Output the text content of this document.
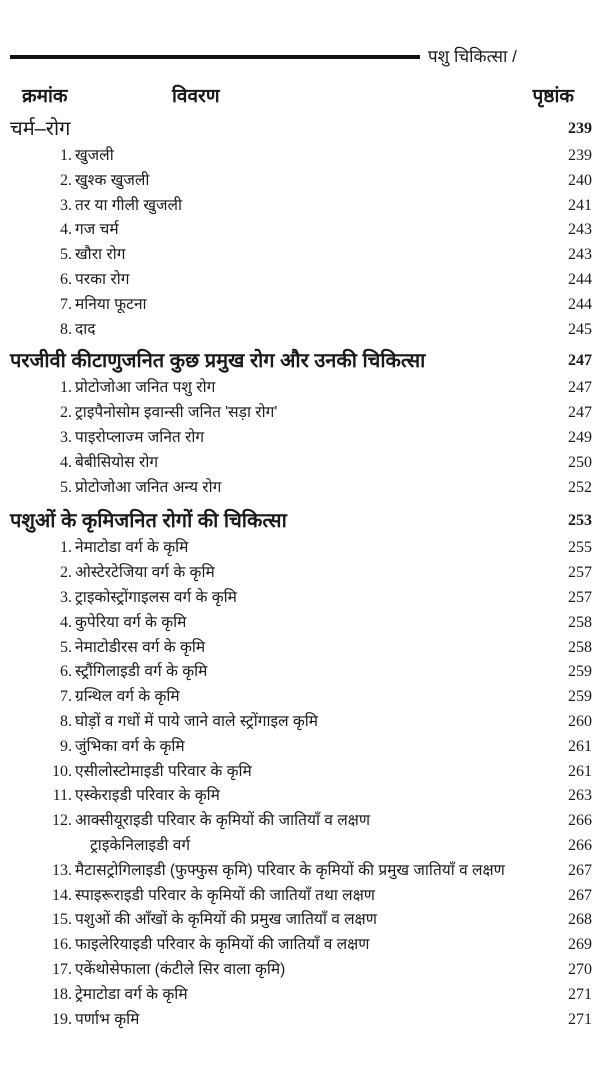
पशु चिकित्सा /
क्रमांक	विवरण	पृष्ठांक
चर्म–रोग	239
1. खुजली	239
2. खुश्क खुजली	240
3. तर या गीली खुजली	241
4. गज चर्म	243
5. खौरा रोग	243
6. परका रोग	244
7. मनिया फूटना	244
8. दाद	245
परजीवी कीटाणुजनित कुछ प्रमुख रोग और उनकी चिकित्सा	247
1. प्रोटोजोआ जनित पशु रोग	247
2. ट्राइपैनोसोम इवान्सी जनित 'सड़ा रोग'	247
3. पाइरोप्लाज्म जनित रोग	249
4. बेबीसियोस रोग	250
5. प्रोटोजोआ जनित अन्य रोग	252
पशुओं के कृमिजनित रोगों की चिकित्सा	253
1. नेमाटोडा वर्ग के कृमि	255
2. ओस्टेरटेजिया वर्ग के कृमि	257
3. ट्राइकोस्ट्रोंगाइलस वर्ग के कृमि	257
4. कुपेरिया वर्ग के कृमि	258
5. नेमाटोडीरस वर्ग के कृमि	258
6. स्ट्रौंगिलाइडी वर्ग के कृमि	259
7. ग्रन्थिल वर्ग के कृमि	259
8. घोड़ों व गधों में पाये जाने वाले स्ट्रोंगाइल कृमि	260
9. जुंभिका वर्ग के कृमि	261
10. एसीलोस्टोमाइडी परिवार के कृमि	261
11. एस्केराइडी परिवार के कृमि	263
12. आक्सीयूराइडी परिवार के कृमियों की जातियाँ व लक्षण	266
ट्राइकेनिलाइडी वर्ग	266
13. मैटासट्रोगिलाइडी (फुफ्फुस कृमि) परिवार के कृमियों की प्रमुख जातियाँ व लक्षण	267
14. स्पाइरूराइडी परिवार के कृमियों की जातियाँ तथा लक्षण	267
15. पशुओं की आँखों के कृमियों की प्रमुख जातियाँ व लक्षण	268
16. फाइलेरियाइडी परिवार के कृमियों की जातियाँ व लक्षण	269
17. एकेंथोसेफाला (कंटीले सिर वाला कृमि)	270
18. ट्रेमाटोडा वर्ग के कृमि	271
19. पर्णाभ कृमि	271
